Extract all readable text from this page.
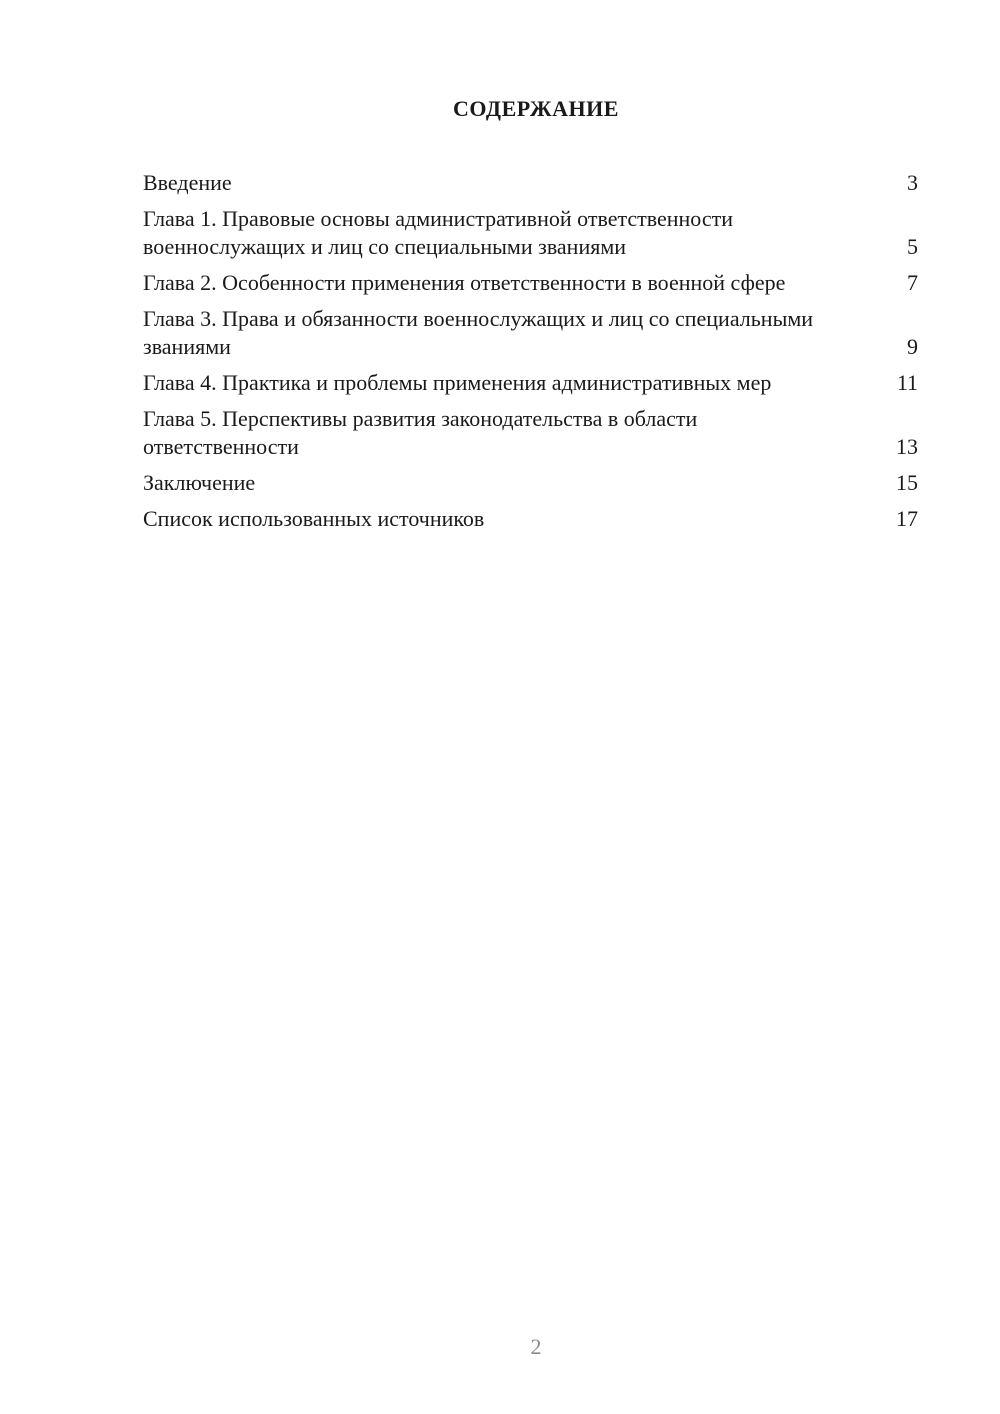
СОДЕРЖАНИЕ
Введение	3
Глава 1. Правовые основы административной ответственности военнослужащих и лиц со специальными званиями	5
Глава 2. Особенности применения ответственности в военной сфере	7
Глава 3. Права и обязанности военнослужащих и лиц со специальными званиями	9
Глава 4. Практика и проблемы применения административных мер	11
Глава 5. Перспективы развития законодательства в области ответственности	13
Заключение	15
Список использованных источников	17
2
